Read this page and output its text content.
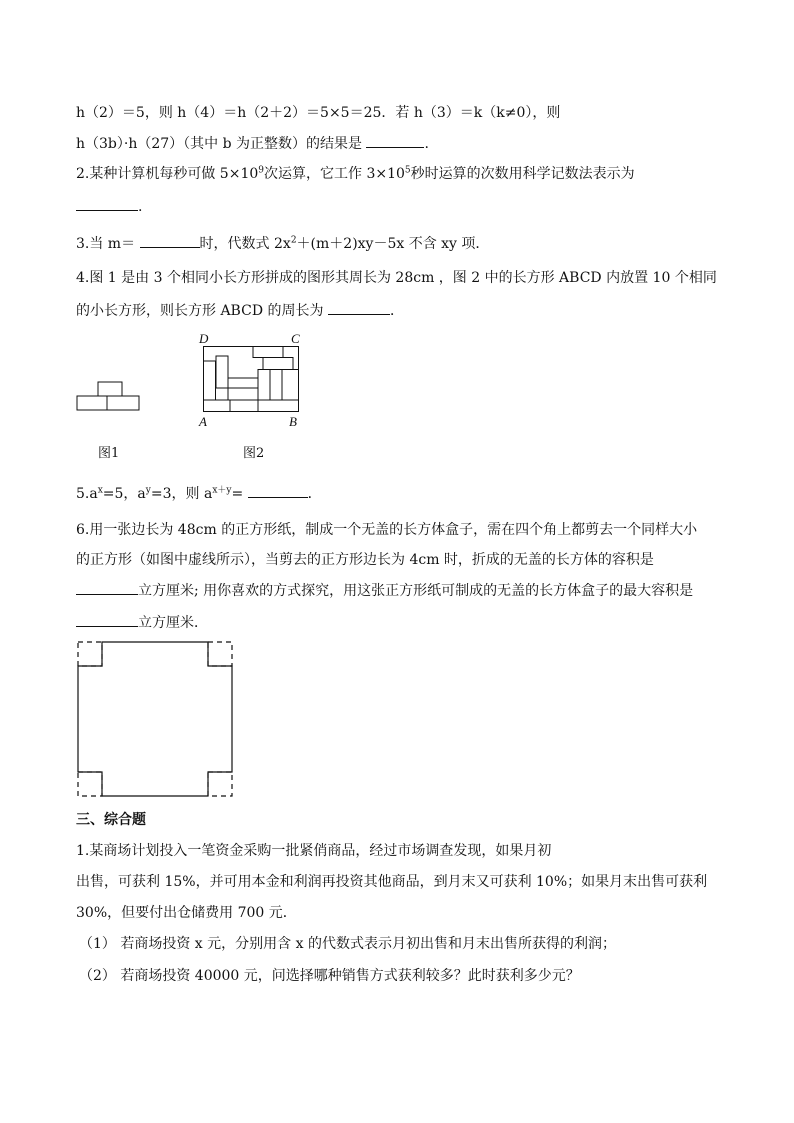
h（2）＝5，则 h（4）＝h（2＋2）＝5×5＝25．若 h（3）＝k（k≠0），则
h（3b）·h（27）（其中 b 为正整数）的结果是	.
2.某种计算机每秒可做 $5\times 10^9$次运算，它工作 $3\times 10^5$秒时运算的次数用科学记数法表示为
.
3.当 m＝	时，代数式 $2x^2+(m+2)xy-5x$ 不含 xy 项．
4.图 1 是由 3 个相同小长方形拼成的图形其周长为 28cm ，图 2 中的长方形 ABCD 内放置 10 个相同
的小长方形，则长方形 ABCD 的周长为	．
图1
D	C
A	B
图2
$5.a^x=5$，$a^y=3$，则 $a^{x+y}=$	．
6.用一张边长为 48cm 的正方形纸，制成一个无盖的长方体盒子，需在四个角上都剪去一个同样大小
的正方形（如图中虚线所示），当剪去的正方形边长为 4cm 时，折成的无盖的长方体的容积是
立方厘米; 用你喜欢的方式探究，用这张正方形纸可制成的无盖的长方体盒子的最大容积是
立方厘米．
三、综合题
1.某商场计划投入一笔资金采购一批紧俏商品，经过市场调查发现，如果月初
出售，可获利 15%，并可用本金和利润再投资其他商品，到月末又可获利 10%；如果月末出售可获利
30%，但要付出仓储费用 700 元．
（1） 若商场投资 x 元，分别用含 x 的代数式表示月初出售和月末出售所获得的利润；
（2） 若商场投资 40000 元，问选择哪种销售方式获利较多？此时获利多少元？
